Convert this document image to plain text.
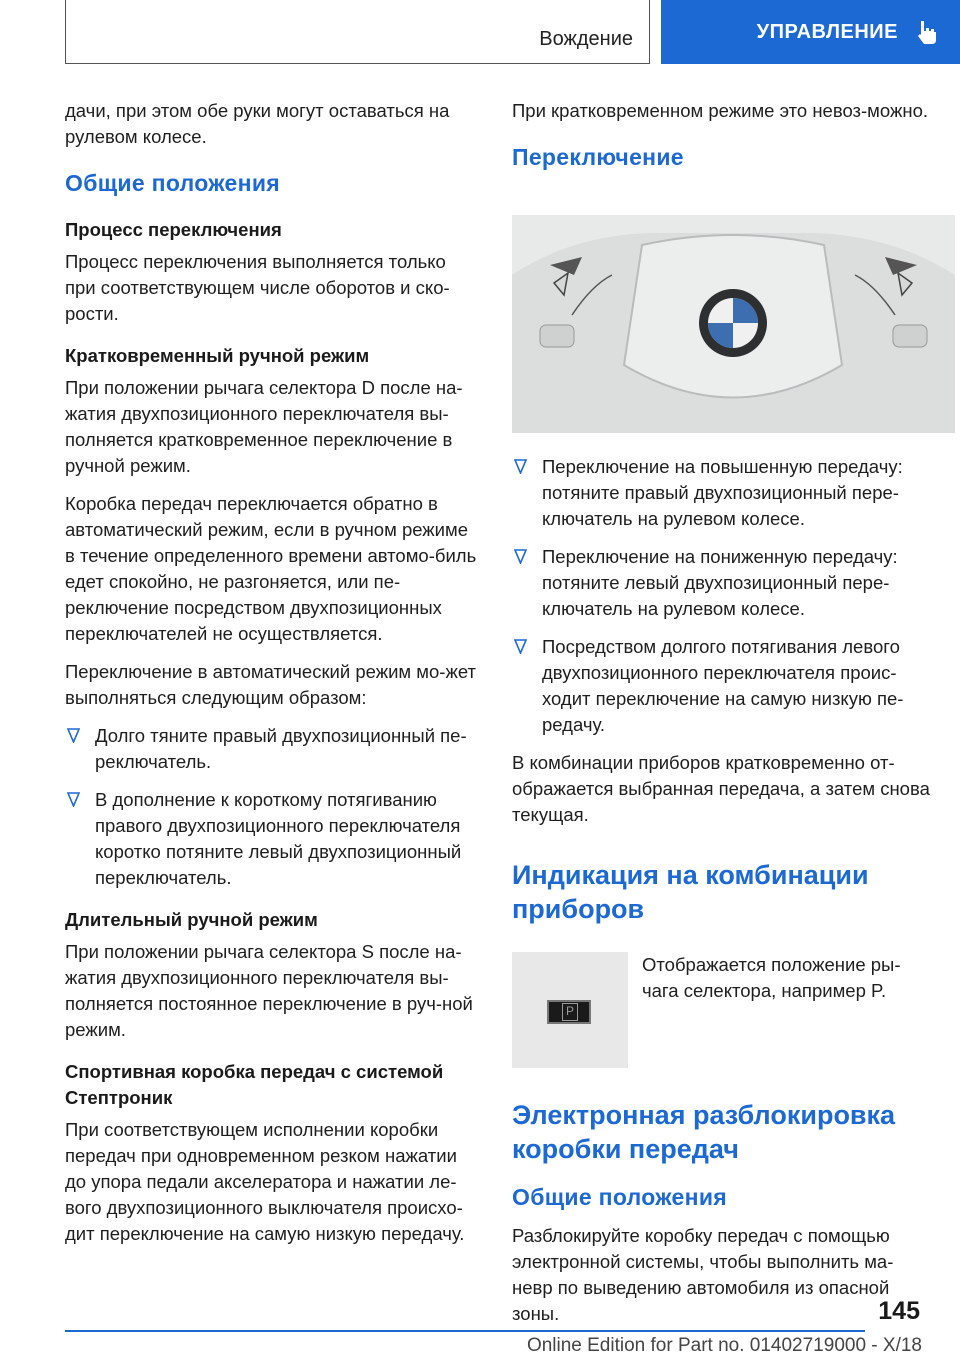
Вождение	УПРАВЛЕНИЕ

дачи, при этом обе руки могут оставаться на рулевом колесе.

Общие положения
Процесс переключения

Процесс переключения выполняется только при соответствующем числе оборотов и ско-рости.

Кратковременный ручной режим

При положении рычага селектора D после на-жатия двухпозиционного переключателя вы-полняется кратковременное переключение в ручной режим.

Коробка передач переключается обратно в автоматический режим, если в ручном режиме в течение определенного времени автомо-биль едет спокойно, не разгоняется, или пе-реключение посредством двухпозиционных переключателей не осуществляется.

Переключение в автоматический режим мо-жет выполняться следующим образом:

Долго тяните правый двухпозиционный пе-реключатель.
В дополнение к короткому потягиванию правого двухпозиционного переключателя коротко потяните левый двухпозиционный переключатель.
Длительный ручной режим

При положении рычага селектора S после на-жатия двухпозиционного переключателя вы-полняется постоянное переключение в руч-ной режим.

Спортивная коробка передач с системой Стептроник

При соответствующем исполнении коробки передач при одновременном резком нажатии до упора педали акселератора и нажатии ле-вого двухпозиционного выключателя происхо-дит переключение на самую низкую передачу.

При кратковременном режиме это невоз-можно.

Переключение
Переключение на повышенную передачу: потяните правый двухпозиционный пере-ключатель на рулевом колесе.
Переключение на пониженную передачу: потяните левый двухпозиционный пере-ключатель на рулевом колесе.
Посредством долгого потягивания левого двухпозиционного переключателя проис-ходит переключение на самую низкую пе-редачу.

В комбинации приборов кратковременно от-ображается выбранная передача, а затем снова текущая.

Индикация на комбинации приборов
P

Отображается положение ры-чага селектора, например P.

Электронная разблокировка коробки передач
Общие положения

Разблокируйте коробку передач с помощью электронной системы, чтобы выполнить ма-невр по выведению автомобиля из опасной зоны.	145
Online Edition for Part no. 01402719000 - X/18
